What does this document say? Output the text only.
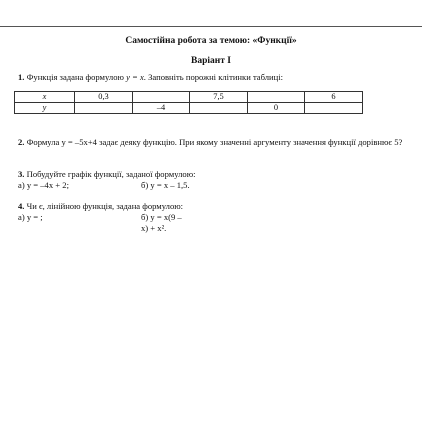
Самостійна робота за темою: «Функції»
Варіант І
1. Функція задана формулою y = x. Заповніть порожні клітинки таблиці:
x	0,3		7,5		6
y		–4		0	
2. Формула y = –5x+4 задає деяку функцію. При якому значенні аргументу значення функції дорівнює 5?
3. Побудуйте графік функції, заданої формулою:
а) y = –4x + 2;	б) y = x – 1,5.
4. Чи є, лінійною функція, задана формулою:
а) y = ;	б) y = x(9 – x) + x².
